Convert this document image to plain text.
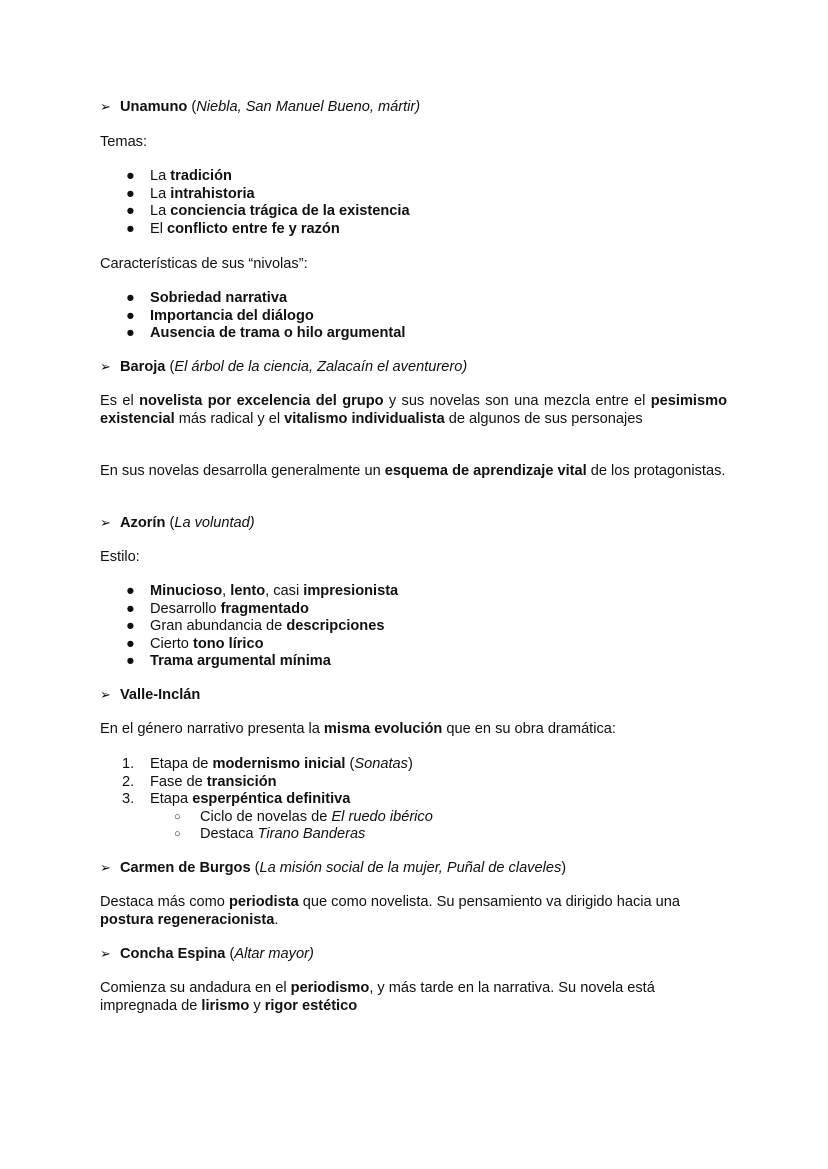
➢ Unamuno (Niebla, San Manuel Bueno, mártir)
Temas:
●	La tradición
●	La intrahistoria
●	La conciencia trágica de la existencia
●	El conflicto entre fe y razón
Características de sus “nivolas”:
●	Sobriedad narrativa
●	Importancia del diálogo
●	Ausencia de trama o hilo argumental
➢ Baroja (El árbol de la ciencia, Zalacaín el aventurero)
Es el novelista por excelencia del grupo y sus novelas son una mezcla entre el pesimismo existencial más radical y el vitalismo individualista de algunos de sus personajes
En sus novelas desarrolla generalmente un esquema de aprendizaje vital de los protagonistas.
➢ Azorín (La voluntad)
Estilo:
●	Minucioso, lento, casi impresionista
●	Desarrollo fragmentado
●	Gran abundancia de descripciones
●	Cierto tono lírico
●	Trama argumental mínima
➢ Valle-Inclán
En el género narrativo presenta la misma evolución que en su obra dramática:
1.	Etapa de modernismo inicial (Sonatas)
2.	Fase de transición
3.	Etapa esperpéntica definitiva
○	Ciclo de novelas de El ruedo ibérico
○	Destaca Tirano Banderas
➢ Carmen de Burgos (La misión social de la mujer, Puñal de claveles)
Destaca más como periodista que como novelista. Su pensamiento va dirigido hacia una postura regeneracionista.
➢ Concha Espina (Altar mayor)
Comienza su andadura en el periodismo, y más tarde en la narrativa. Su novela está impregnada de lirismo y rigor estético
